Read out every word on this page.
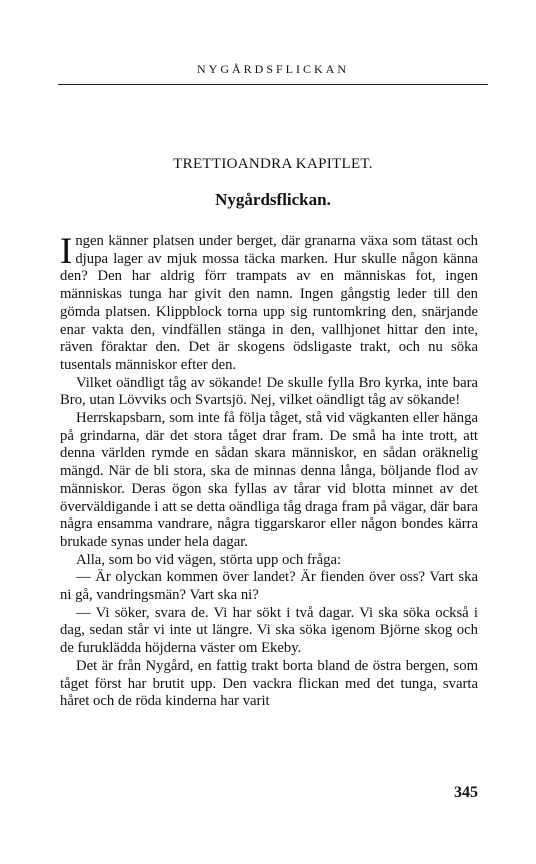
NYGÅRDSFLICKAN
TRETTIOANDRA KAPITLET.
Nygårdsflickan.

Ingen känner platsen under berget, där granarna växa som tätast och djupa lager av mjuk mossa täcka marken. Hur skulle någon känna den? Den har aldrig förr trampats av en människas fot, ingen människas tunga har givit den namn. Ingen gångstig leder till den gömda platsen. Klippblock torna upp sig runtomkring den, snärjande enar vakta den, vindfällen stänga in den, vallhjonet hittar den inte, räven föraktar den. Det är skogens ödsligaste trakt, och nu söka tusentals människor efter den.

Vilket oändligt tåg av sökande! De skulle fylla Bro kyrka, inte bara Bro, utan Lövviks och Svartsjö. Nej, vilket oändligt tåg av sökande!

Herrskapsbarn, som inte få följa tåget, stå vid vägkanten eller hänga på grindarna, där det stora tåget drar fram. De små ha inte trott, att denna världen rymde en sådan skara människor, en sådan oräknelig mängd. När de bli stora, ska de minnas denna långa, böljande flod av människor. Deras ögon ska fyllas av tårar vid blotta minnet av det överväldigande i att se detta oändliga tåg draga fram på vägar, där bara några ensamma vandrare, några tiggarskaror eller någon bondes kärra brukade synas under hela dagar.

Alla, som bo vid vägen, störta upp och fråga:

— Är olyckan kommen över landet? Är fienden över oss? Vart ska ni gå, vandringsmän? Vart ska ni?

— Vi söker, svara de. Vi har sökt i två dagar. Vi ska söka också i dag, sedan står vi inte ut längre. Vi ska söka igenom Björne skog och de furuklädda höjderna väster om Ekeby.

Det är från Nygård, en fattig trakt borta bland de östra bergen, som tåget först har brutit upp. Den vackra flickan med det tunga, svarta håret och de röda kinderna har varit

345
